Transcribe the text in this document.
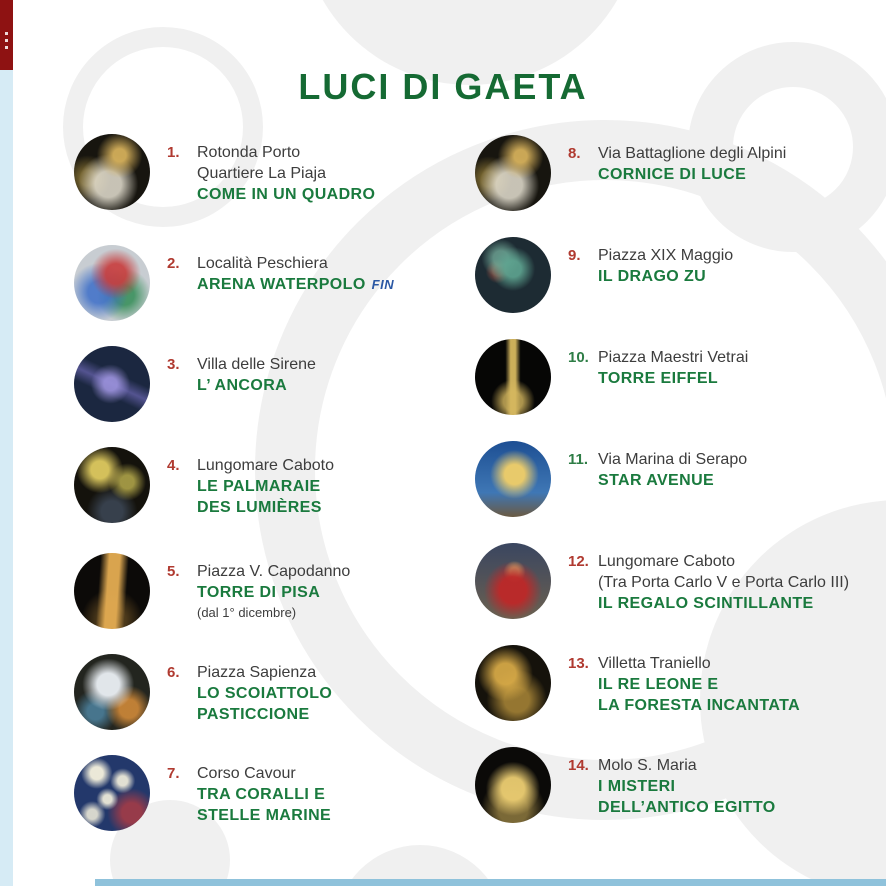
LUCI DI GAETA
1.	Rotonda Porto
Quartiere La Piaja
COME IN UN QUADRO
2.	Località Peschiera
ARENA WATERPOLO FIN
3.	Villa delle Sirene
L’ ANCORA
4.	Lungomare Caboto
LE PALMARAIE
DES LUMIÈRES
5.	Piazza V. Capodanno
TORRE DI PISA
(dal 1° dicembre)
6.	Piazza Sapienza
LO SCOIATTOLO
PASTICCIONE
7.	Corso Cavour
TRA CORALLI E
STELLE MARINE
8.	Via Battaglione degli Alpini
CORNICE DI LUCE
9.	Piazza XIX Maggio
IL DRAGO ZU
10. Piazza Maestri Vetrai
TORRE EIFFEL
11. Via Marina di Serapo
STAR AVENUE
12. Lungomare Caboto
(Tra Porta Carlo V e Porta Carlo III)
IL REGALO SCINTILLANTE
13. Villetta Traniello
IL RE LEONE E
LA FORESTA INCANTATA
14. Molo S. Maria
I MISTERI
DELL’ANTICO EGITTO
